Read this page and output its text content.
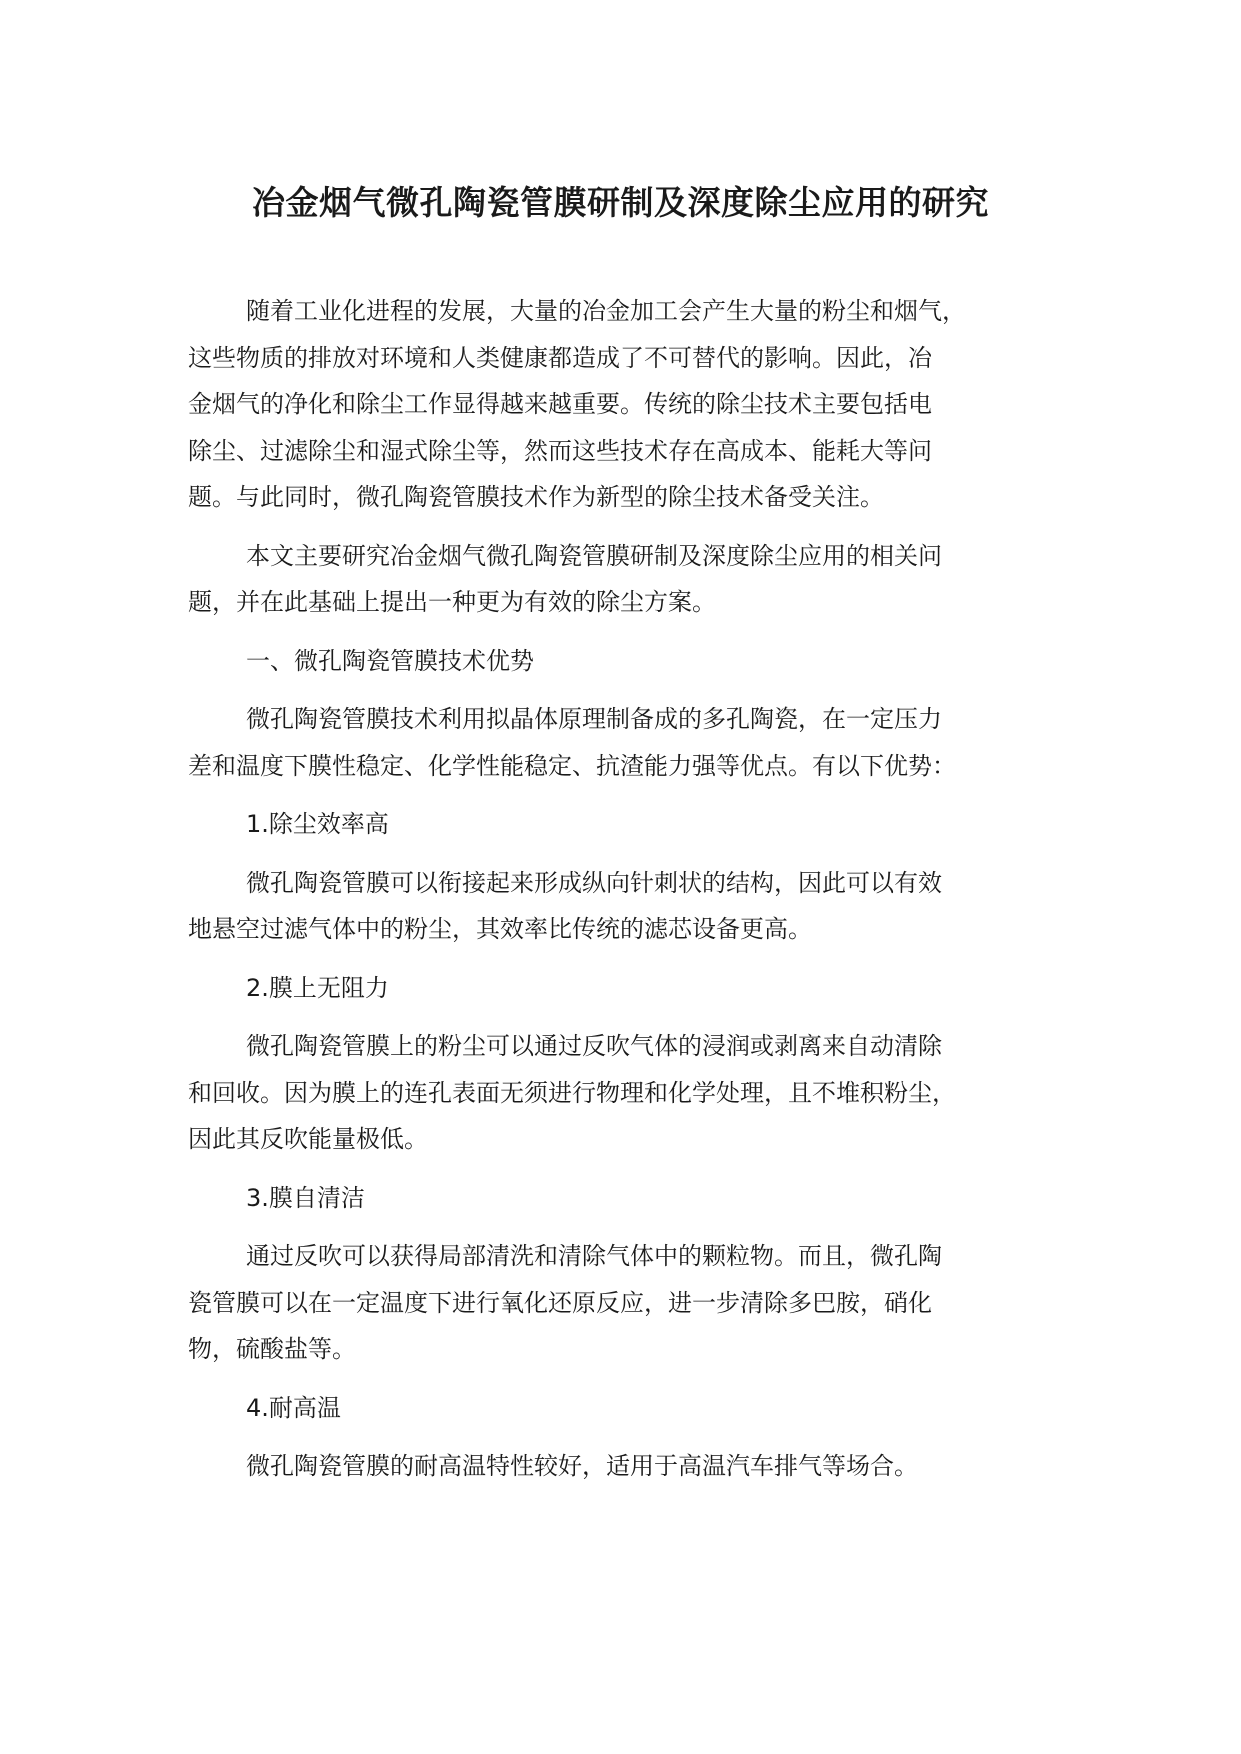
冶金烟气微孔陶瓷管膜研制及深度除尘应用的研究

随着工业化进程的发展，大量的冶金加工会产生大量的粉尘和烟气，
这些物质的排放对环境和人类健康都造成了不可替代的影响。因此，冶
金烟气的净化和除尘工作显得越来越重要。传统的除尘技术主要包括电
除尘、过滤除尘和湿式除尘等，然而这些技术存在高成本、能耗大等问
题。与此同时，微孔陶瓷管膜技术作为新型的除尘技术备受关注。

本文主要研究冶金烟气微孔陶瓷管膜研制及深度除尘应用的相关问
题，并在此基础上提出一种更为有效的除尘方案。

一、微孔陶瓷管膜技术优势

微孔陶瓷管膜技术利用拟晶体原理制备成的多孔陶瓷，在一定压力
差和温度下膜性稳定、化学性能稳定、抗渣能力强等优点。有以下优势：

1.除尘效率高

微孔陶瓷管膜可以衔接起来形成纵向针刺状的结构，因此可以有效
地悬空过滤气体中的粉尘，其效率比传统的滤芯设备更高。

2.膜上无阻力

微孔陶瓷管膜上的粉尘可以通过反吹气体的浸润或剥离来自动清除
和回收。因为膜上的连孔表面无须进行物理和化学处理，且不堆积粉尘，
因此其反吹能量极低。

3.膜自清洁

通过反吹可以获得局部清洗和清除气体中的颗粒物。而且，微孔陶
瓷管膜可以在一定温度下进行氧化还原反应，进一步清除多巴胺，硝化
物，硫酸盐等。

4.耐高温

微孔陶瓷管膜的耐高温特性较好，适用于高温汽车排气等场合。
